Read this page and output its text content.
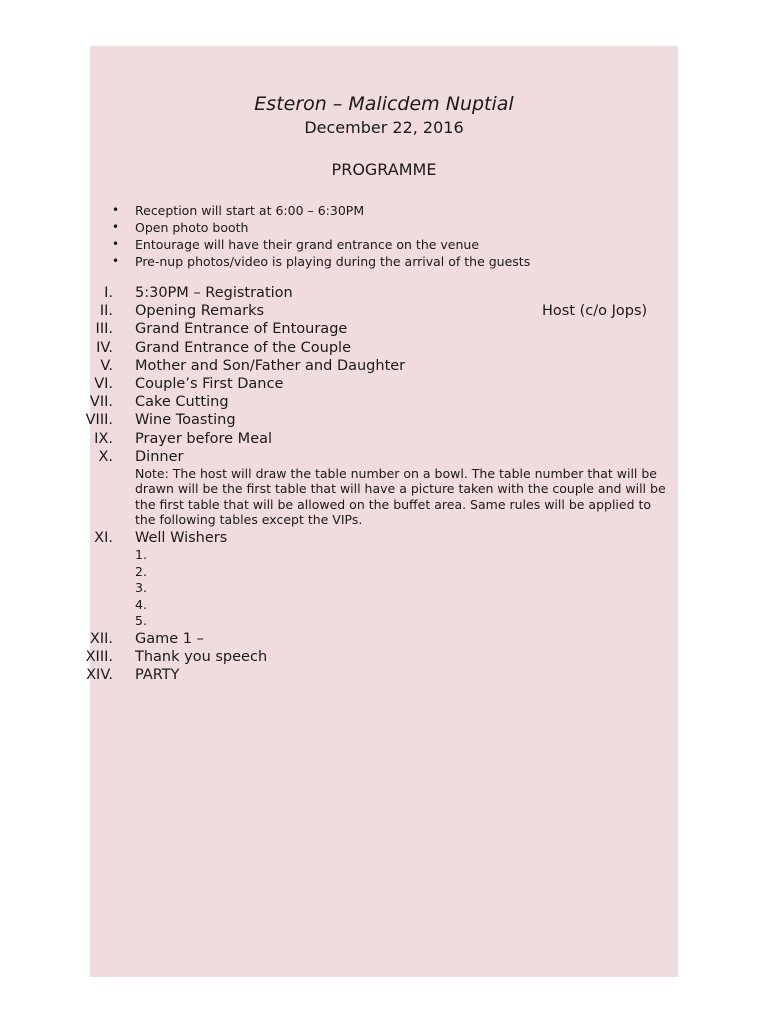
Esteron – Malicdem Nuptial
December 22, 2016
PROGRAMME
• Reception will start at 6:00 – 6:30PM
• Open photo booth
• Entourage will have their grand entrance on the venue
• Pre-nup photos/video is playing during the arrival of the guests
I. 5:30PM – Registration
II. Opening Remarks	Host (c/o Jops)
III. Grand Entrance of Entourage
IV. Grand Entrance of the Couple
V. Mother and Son/Father and Daughter
VI. Couple’s First Dance
VII. Cake Cutting
VIII. Wine Toasting
IX. Prayer before Meal
X. Dinner
Note: The host will draw the table number on a bowl. The table number that will be drawn will be the first table that will have a picture taken with the couple and will be the first table that will be allowed on the buffet area. Same rules will be applied to the following tables except the VIPs.
XI. Well Wishers
1.
2.
3.
4.
5.
XII. Game 1 –
XIII. Thank you speech
XIV. PARTY
